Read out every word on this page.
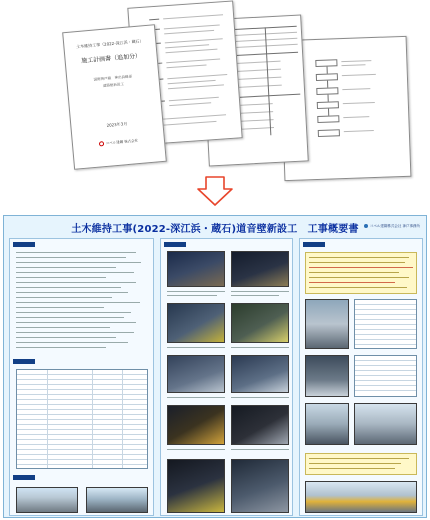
土木維持工事（2022-深江浜・蔵石）
施工計画書（追加分）
国際神戸線　神出浜線部
道路壁新設工
2023年3月
コベル建鋼 株式会社
土木維持工事(2022-深江浜・蔵石)道音壁新設工　工事概要書	コベル建鋼株式会社 神戸事務所
